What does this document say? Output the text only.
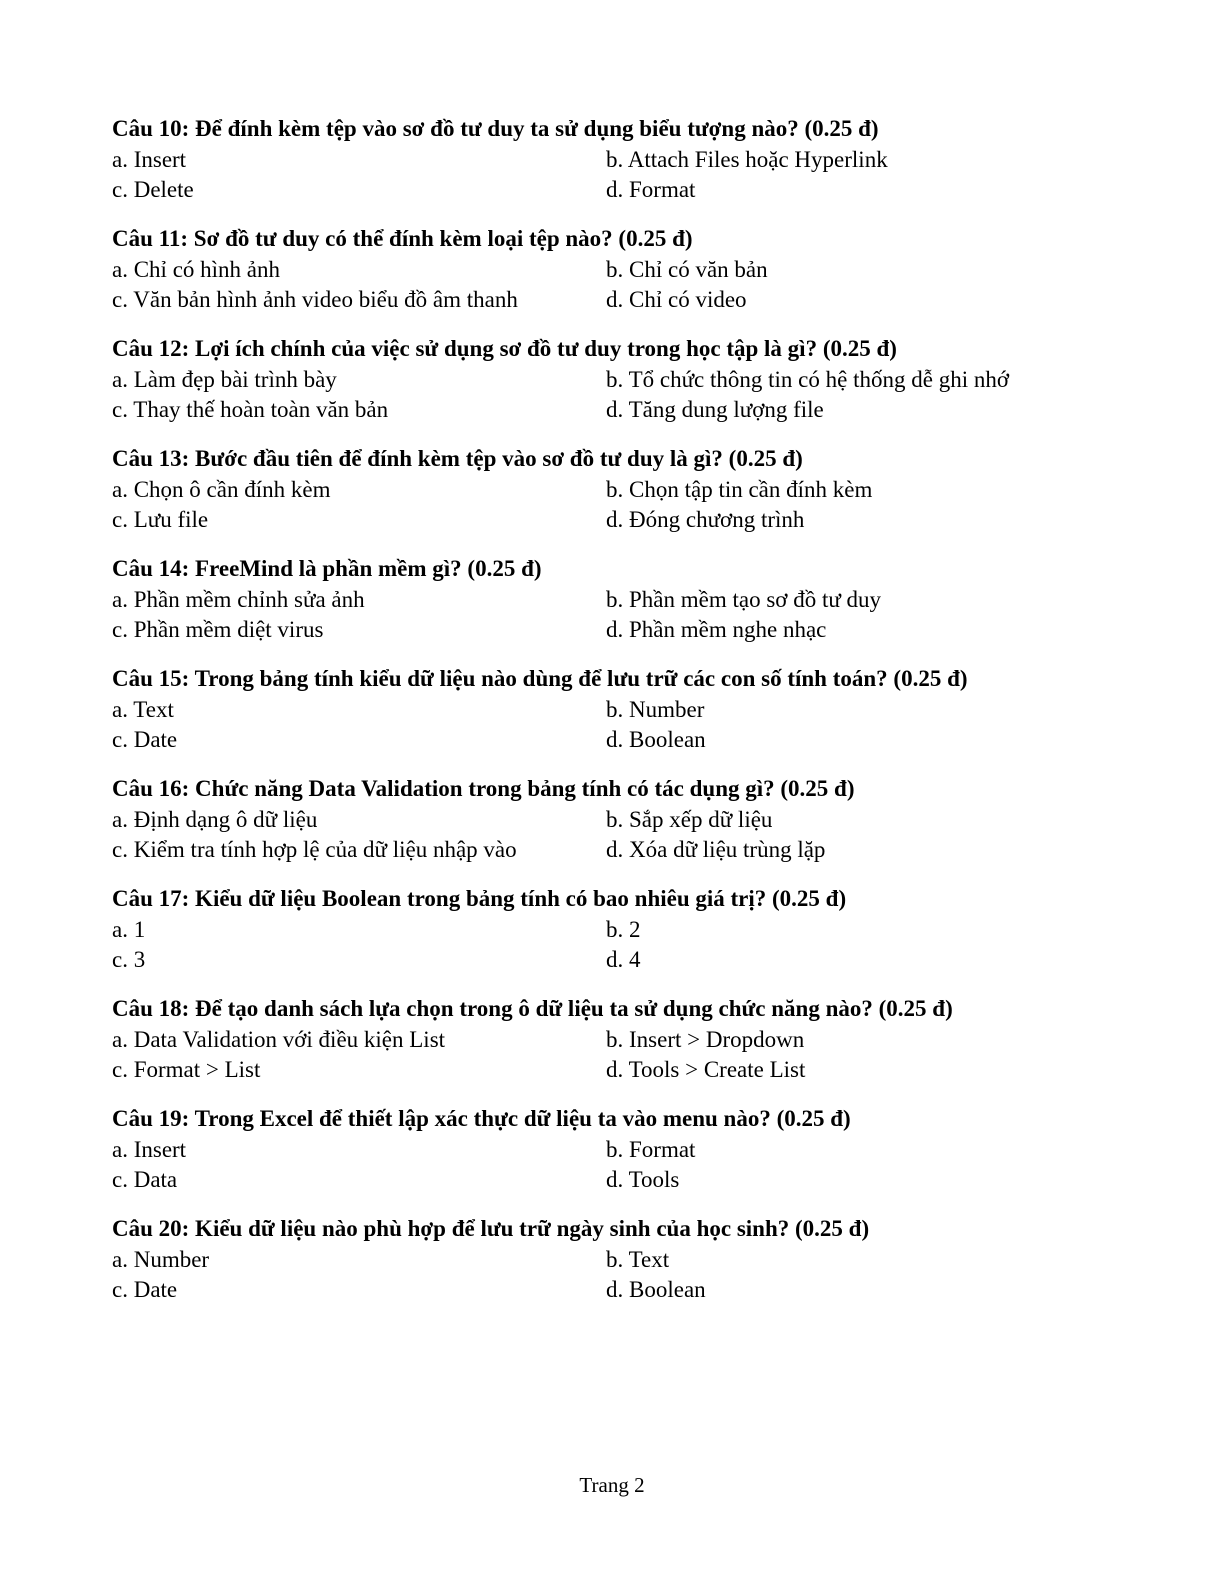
Câu 10: Để đính kèm tệp vào sơ đồ tư duy ta sử dụng biểu tượng nào? (0.25 đ)
a. Insert	b. Attach Files hoặc Hyperlink
c. Delete	d. Format
Câu 11: Sơ đồ tư duy có thể đính kèm loại tệp nào? (0.25 đ)
a. Chỉ có hình ảnh	b. Chỉ có văn bản
c. Văn bản hình ảnh video biểu đồ âm thanh	d. Chỉ có video
Câu 12: Lợi ích chính của việc sử dụng sơ đồ tư duy trong học tập là gì? (0.25 đ)
a. Làm đẹp bài trình bày	b. Tổ chức thông tin có hệ thống dễ ghi nhớ
c. Thay thế hoàn toàn văn bản	d. Tăng dung lượng file
Câu 13: Bước đầu tiên để đính kèm tệp vào sơ đồ tư duy là gì? (0.25 đ)
a. Chọn ô cần đính kèm	b. Chọn tập tin cần đính kèm
c. Lưu file	d. Đóng chương trình
Câu 14: FreeMind là phần mềm gì? (0.25 đ)
a. Phần mềm chỉnh sửa ảnh	b. Phần mềm tạo sơ đồ tư duy
c. Phần mềm diệt virus	d. Phần mềm nghe nhạc
Câu 15: Trong bảng tính kiểu dữ liệu nào dùng để lưu trữ các con số tính toán? (0.25 đ)
a. Text	b. Number
c. Date	d. Boolean
Câu 16: Chức năng Data Validation trong bảng tính có tác dụng gì? (0.25 đ)
a. Định dạng ô dữ liệu	b. Sắp xếp dữ liệu
c. Kiểm tra tính hợp lệ của dữ liệu nhập vào	d. Xóa dữ liệu trùng lặp
Câu 17: Kiểu dữ liệu Boolean trong bảng tính có bao nhiêu giá trị? (0.25 đ)
a. 1	b. 2
c. 3	d. 4
Câu 18: Để tạo danh sách lựa chọn trong ô dữ liệu ta sử dụng chức năng nào? (0.25 đ)
a. Data Validation với điều kiện List	b. Insert > Dropdown
c. Format > List	d. Tools > Create List
Câu 19: Trong Excel để thiết lập xác thực dữ liệu ta vào menu nào? (0.25 đ)
a. Insert	b. Format
c. Data	d. Tools
Câu 20: Kiểu dữ liệu nào phù hợp để lưu trữ ngày sinh của học sinh? (0.25 đ)
a. Number	b. Text
c. Date	d. Boolean
Trang 2
